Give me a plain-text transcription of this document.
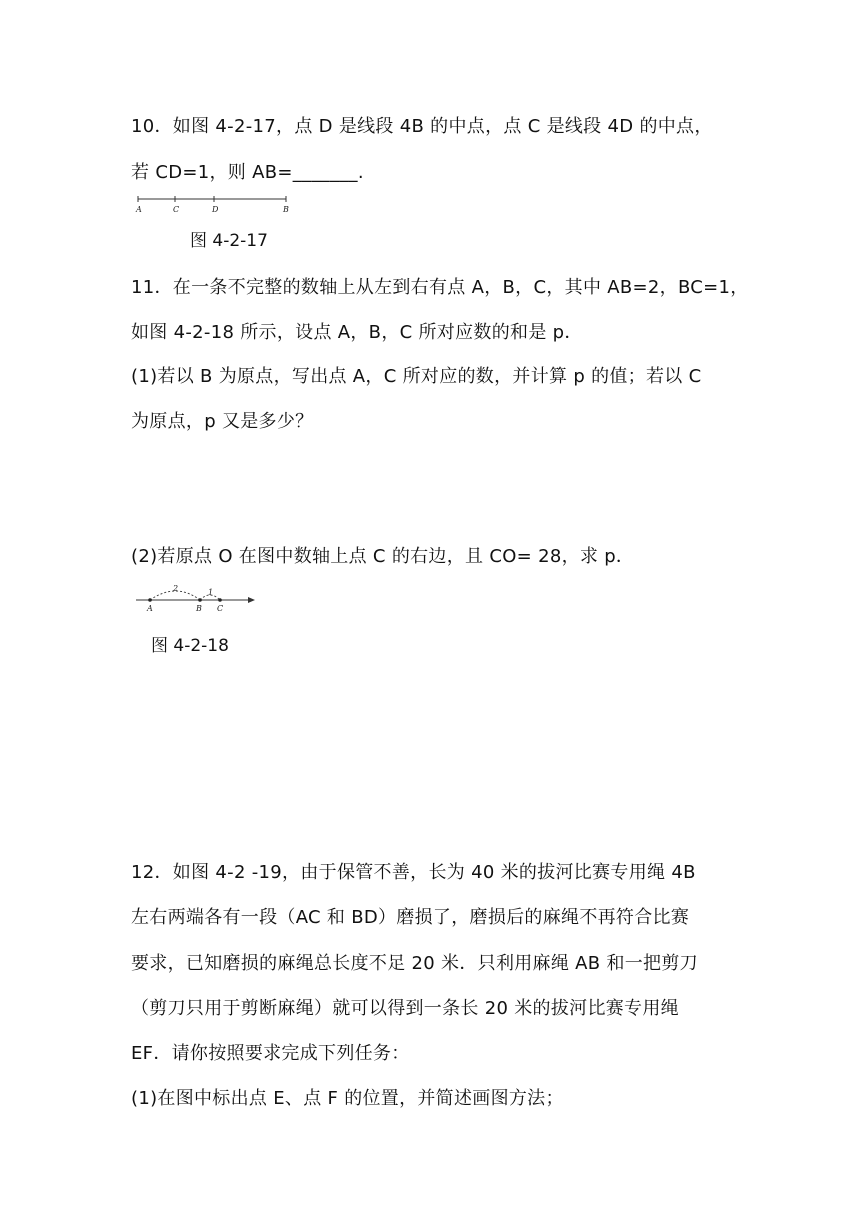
10．如图 4-2-17，点 D 是线段 4B 的中点，点 C 是线段 4D 的中点，
若 CD=1，则 AB=_______.
A	C	D	B
图 4-2-17
11．在一条不完整的数轴上从左到右有点 A，B，C，其中 AB=2，BC=1，
如图 4-2-18 所示，设点 A，B，C 所对应数的和是 p．
(1)若以 B 为原点，写出点 A，C 所对应的数，并计算 p 的值；若以 C
为原点，p 又是多少？
(2)若原点 O 在图中数轴上点 C 的右边，且 CO= 28，求 p．
2	1
A	B C
图 4-2-18
12．如图 4-2 -19，由于保管不善，长为 40 米的拔河比赛专用绳 4B
左右两端各有一段（AC 和 BD）磨损了，磨损后的麻绳不再符合比赛
要求，已知磨损的麻绳总长度不足 20 米．只利用麻绳 AB 和一把剪刀
（剪刀只用于剪断麻绳）就可以得到一条长 20 米的拔河比赛专用绳
EF．请你按照要求完成下列任务：
(1)在图中标出点 E、点 F 的位置，并简述画图方法；
